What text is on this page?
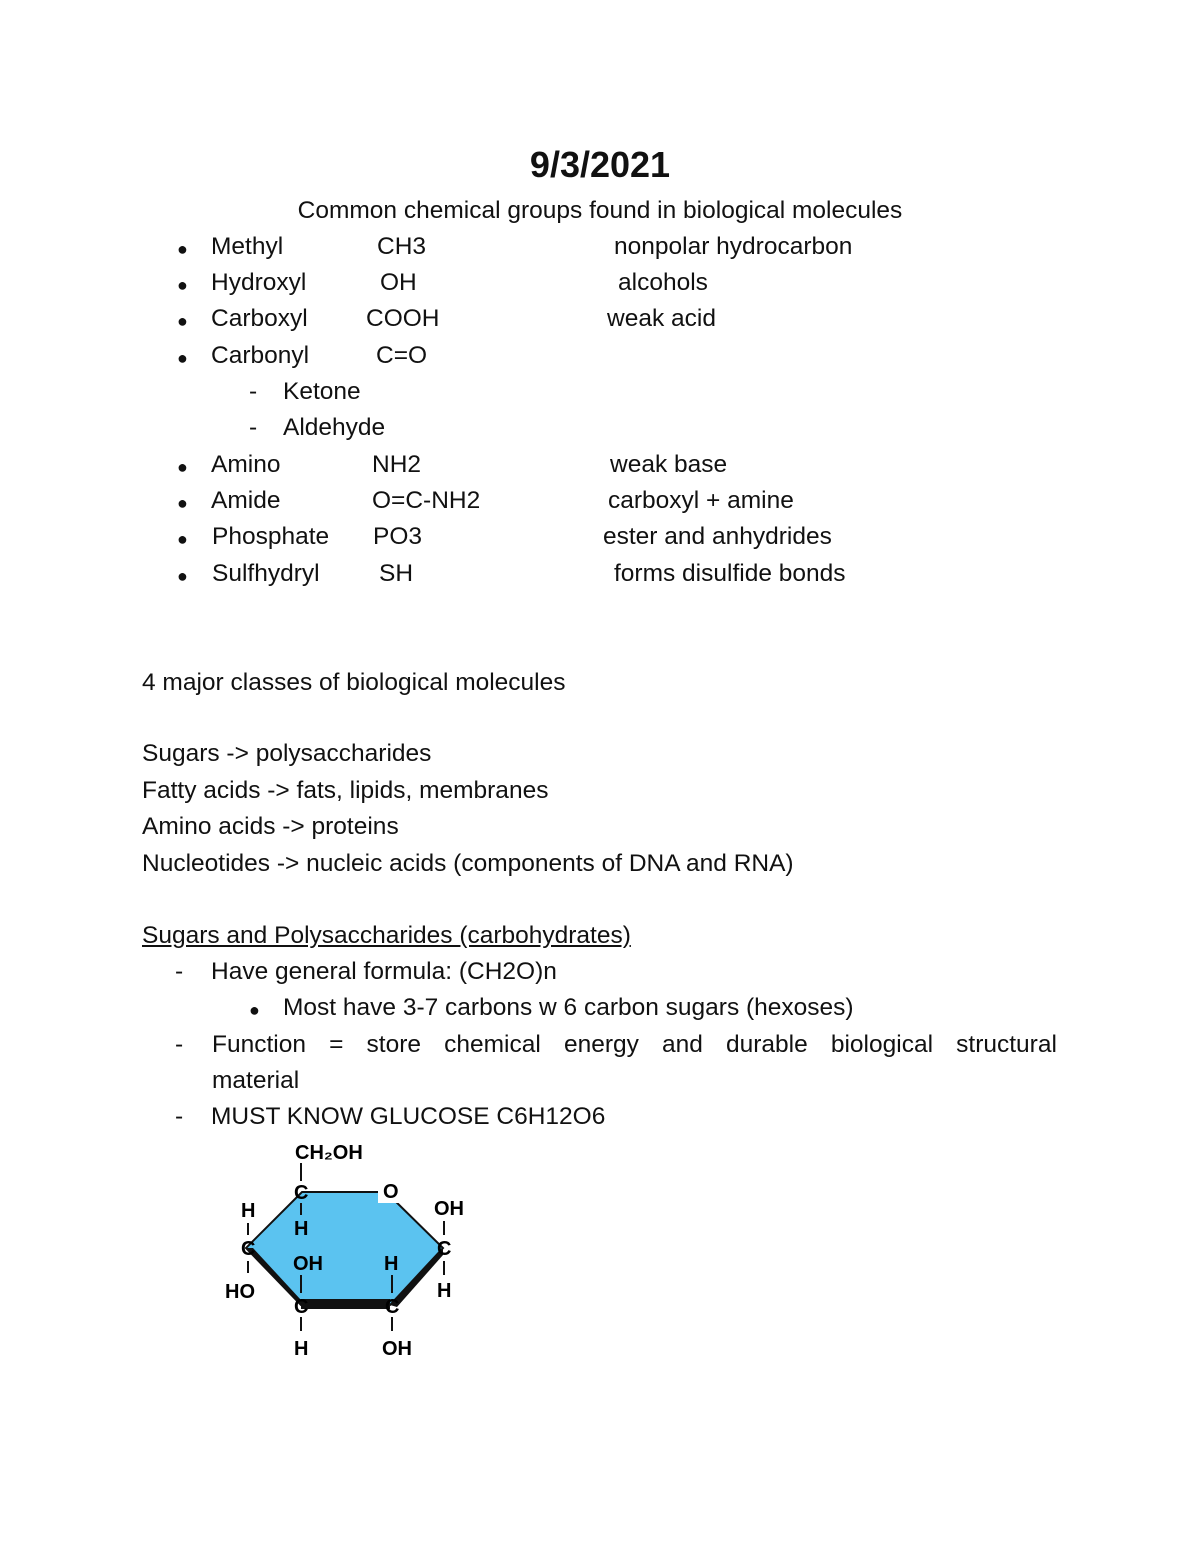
9/3/2021
Common chemical groups found in biological molecules
● Methyl	CH3	nonpolar hydrocarbon
● Hydroxyl	OH	alcohols
● Carboxyl COOH	weak acid
● Carbonyl	C=O
- Ketone
- Aldehyde
● Amino	NH2	weak base
● Amide	O=C-NH2	carboxyl + amine
● Phosphate PO3	ester and anhydrides
● Sulfhydryl SH	forms disulfide bonds
4 major classes of biological molecules
Sugars -> polysaccharides
Fatty acids -> fats, lipids, membranes
Amino acids -> proteins
Nucleotides -> nucleic acids (components of DNA and RNA)
Sugars and Polysaccharides (carbohydrates)
- Have general formula: (CH2O)n
● Most have 3-7 carbons w 6 carbon sugars (hexoses)
- Function = store chemical energy and durable biological structural
material
- MUST KNOW GLUCOSE C6H12O6
CH₂OH
C	O
H
H	OH
C	C
OH	H
HO	H
C	C
H	OH
